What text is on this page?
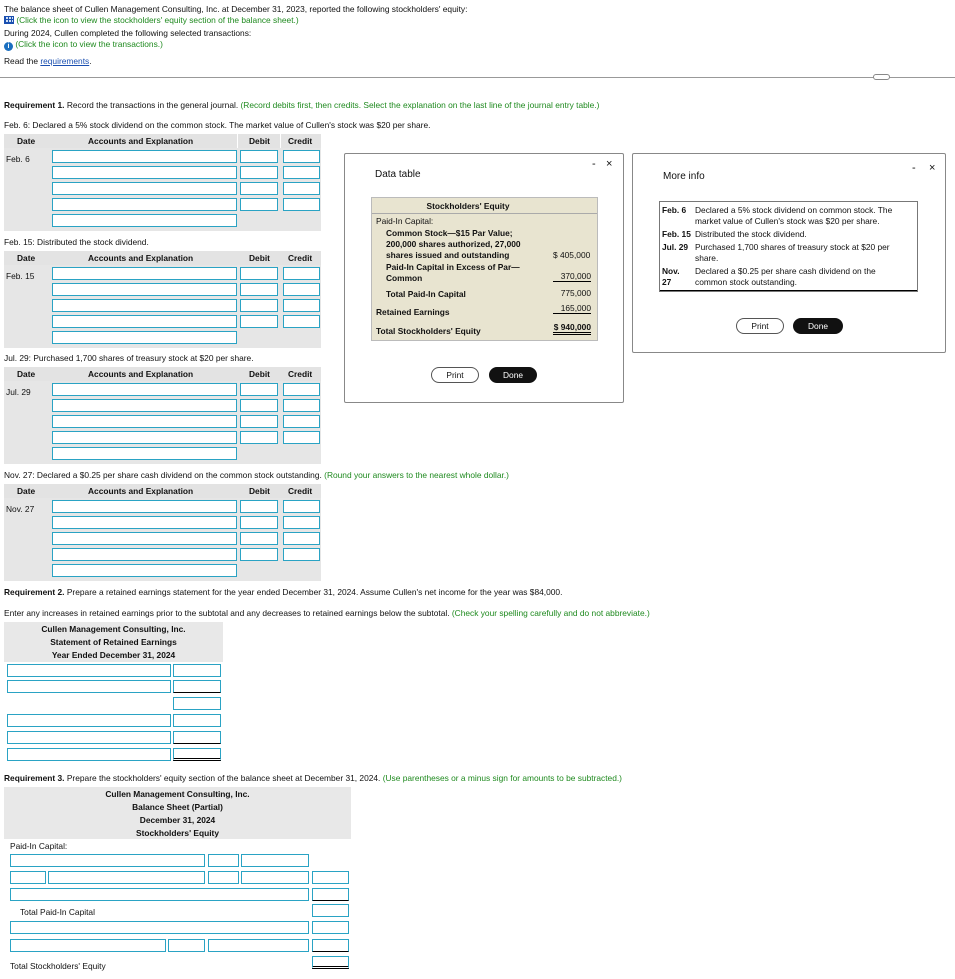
The balance sheet of Cullen Management Consulting, Inc. at December 31, 2023, reported the following stockholders' equity:
(Click the icon to view the stockholders' equity section of the balance sheet.)
During 2024, Cullen completed the following selected transactions:
i (Click the icon to view the transactions.)
Read the requirements.
Requirement 1. Record the transactions in the general journal. (Record debits first, then credits. Select the explanation on the last line of the journal entry table.)
Feb. 6: Declared a 5% stock dividend on the common stock. The market value of Cullen's stock was $20 per share.
Date	Accounts and Explanation	Debit Credit
Feb. 6
Feb. 15: Distributed the stock dividend.
Date	Accounts and Explanation	Debit Credit
Feb. 15
Jul. 29: Purchased 1,700 shares of treasury stock at $20 per share.
Date	Accounts and Explanation	Debit Credit
Jul. 29
Nov. 27: Declared a $0.25 per share cash dividend on the common stock outstanding. (Round your answers to the nearest whole dollar.)
Date	Accounts and Explanation	Debit Credit
Nov. 27
Requirement 2. Prepare a retained earnings statement for the year ended December 31, 2024. Assume Cullen's net income for the year was $84,000.
Enter any increases in retained earnings prior to the subtotal and any decreases to retained earnings below the subtotal. (Check your spelling carefully and do not abbreviate.)
Cullen Management Consulting, Inc.
Statement of Retained Earnings
Year Ended December 31, 2024
Requirement 3. Prepare the stockholders' equity section of the balance sheet at December 31, 2024. (Use parentheses or a minus sign for amounts to be subtracted.)
Cullen Management Consulting, Inc.
Balance Sheet (Partial)
December 31, 2024
Stockholders' Equity
Paid-In Capital:
Total Paid-In Capital
Total Stockholders' Equity
- ×
Data table
Stockholders' Equity
Paid-In Capital:
Common Stock—$15 Par Value;
200,000 shares authorized, 27,000
shares issued and outstanding	$ 405,000
Paid-In Capital in Excess of Par—
Common	370,000
Total Paid-In Capital	775,000
Retained Earnings	165,000
Total Stockholders' Equity	$ 940,000
Print	Done
- ×
More info
Feb. 6 Declared a 5% stock dividend on common stock. The
market value of Cullen's stock was $20 per share.
Feb. 15 Distributed the stock dividend.
Jul. 29 Purchased 1,700 shares of treasury stock at $20 per
share.
Nov.
27
Declared a $0.25 per share cash dividend on the
common stock outstanding.
Print	Done
